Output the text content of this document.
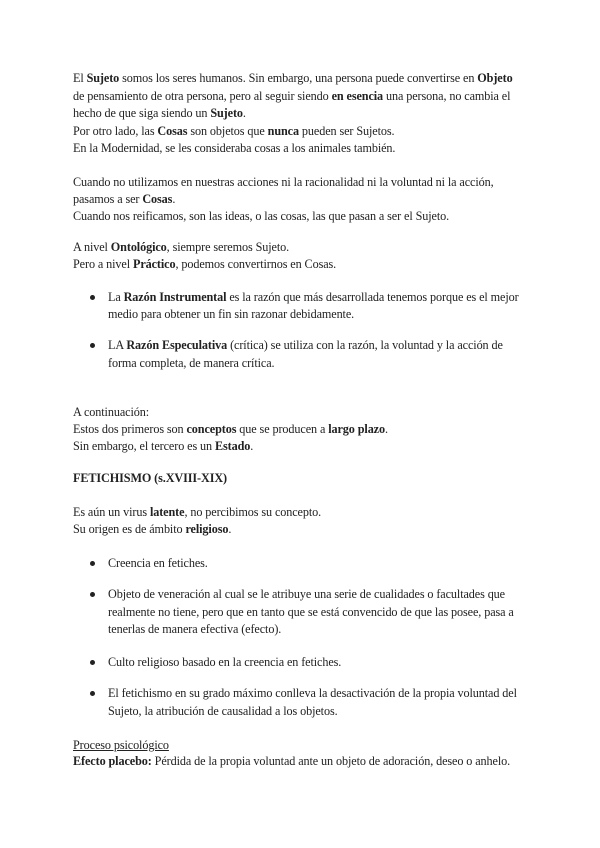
El Sujeto somos los seres humanos. Sin embargo, una persona puede convertirse en Objeto
de pensamiento de otra persona, pero al seguir siendo en esencia una persona, no cambia el
hecho de que siga siendo un Sujeto.
Por otro lado, las Cosas son objetos que nunca pueden ser Sujetos.
En la Modernidad, se les consideraba cosas a los animales también.
Cuando no utilizamos en nuestras acciones ni la racionalidad ni la voluntad ni la acción,
pasamos a ser Cosas.
Cuando nos reificamos, son las ideas, o las cosas, las que pasan a ser el Sujeto.
A nivel Ontológico, siempre seremos Sujeto.
Pero a nivel Práctico, podemos convertirnos en Cosas.
La Razón Instrumental es la razón que más desarrollada tenemos porque es el mejor
medio para obtener un fin sin razonar debidamente.
LA Razón Especulativa (crítica) se utiliza con la razón, la voluntad y la acción de
forma completa, de manera crítica.
A continuación:
Estos dos primeros son conceptos que se producen a largo plazo.
Sin embargo, el tercero es un Estado.
FETICHISMO (s.XVIII-XIX)
Es aún un virus latente, no percibimos su concepto.
Su origen es de ámbito religioso.
Creencia en fetiches.
Objeto de veneración al cual se le atribuye una serie de cualidades o facultades que
realmente no tiene, pero que en tanto que se está convencido de que las posee, pasa a
tenerlas de manera efectiva (efecto).
Culto religioso basado en la creencia en fetiches.
El fetichismo en su grado máximo conlleva la desactivación de la propia voluntad del
Sujeto, la atribución de causalidad a los objetos.
Proceso psicológico
Efecto placebo: Pérdida de la propia voluntad ante un objeto de adoración, deseo o anhelo.
